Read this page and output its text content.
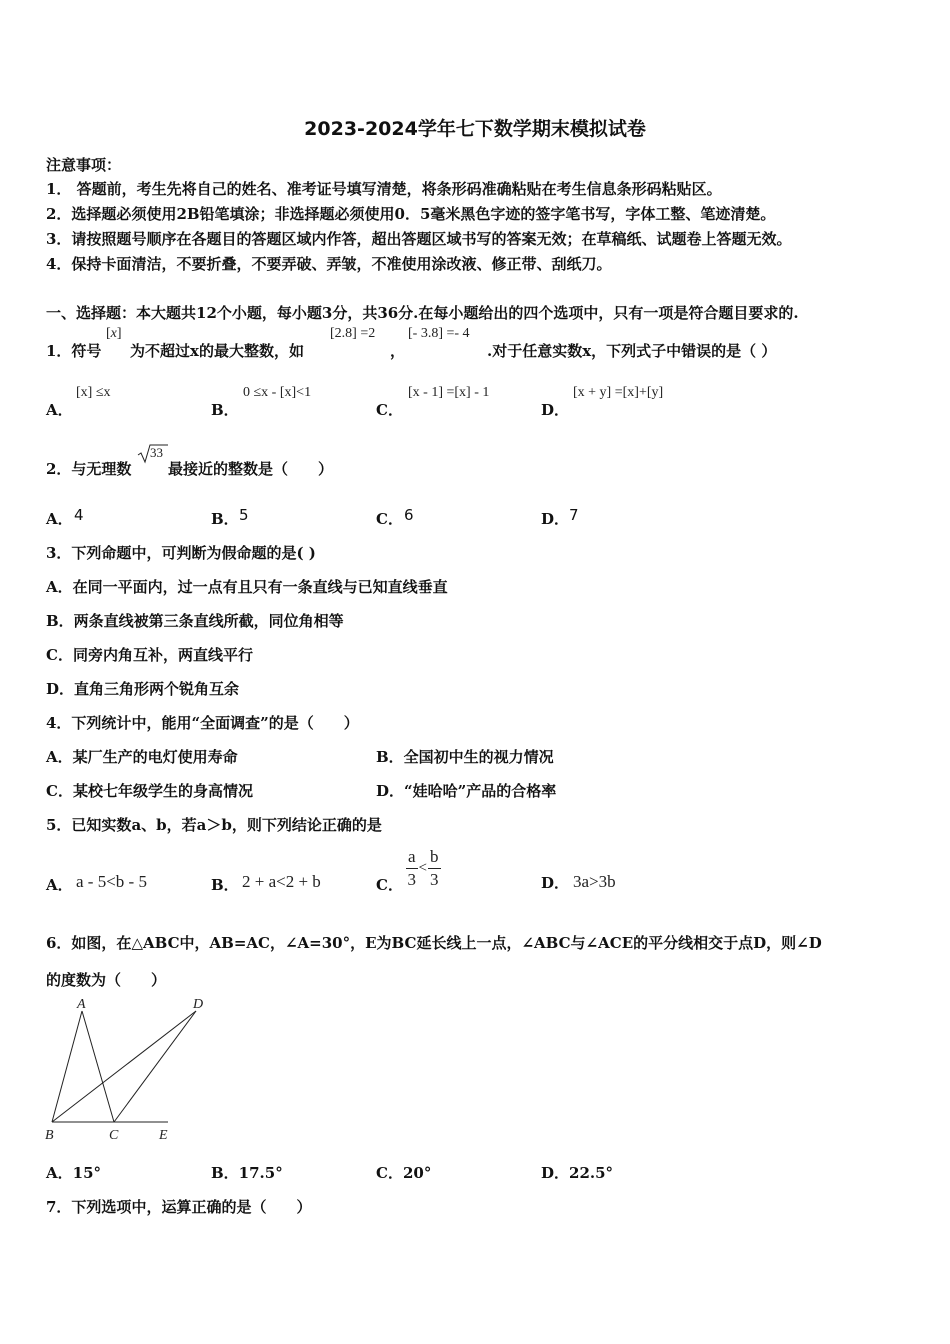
2023-2024学年七下数学期末模拟试卷
注意事项：
1． 答题前，考生先将自己的姓名、准考证号填写清楚，将条形码准确粘贴在考生信息条形码粘贴区。
2．选择题必须使用2B铅笔填涂；非选择题必须使用0．5毫米黑色字迹的签字笔书写，字体工整、笔迹清楚。
3．请按照题号顺序在各题目的答题区域内作答，超出答题区域书写的答案无效；在草稿纸、试题卷上答题无效。
4．保持卡面清洁，不要折叠，不要弄破、弄皱，不准使用涂改液、修正带、刮纸刀。
一、选择题：本大题共12个小题，每小题3分，共36分.在每小题给出的四个选项中，只有一项是符合题目要求的.
1．符号
[x]
为不超过x的最大整数，如
[2.8] =2
，
[- 3.8] =- 4
.对于任意实数x，下列式子中错误的是（ ）
A．
[x] ≤x
B．
0 ≤x - [x]<1
C．
[x - 1] =[x] - 1
D．
[x + y] =[x]+[y]
2．与无理数
33
最接近的整数是（　　）
A． 4	B． 5	C． 6	D． 7
3．下列命题中，可判断为假命题的是( )
A．在同一平面内，过一点有且只有一条直线与已知直线垂直
B．两条直线被第三条直线所截，同位角相等
C．同旁内角互补，两直线平行
D．直角三角形两个锐角互余
4．下列统计中，能用“全面调查”的是（　　）
A．某厂生产的电灯使用寿命	B．全国初中生的视力情况
C．某校七年级学生的身高情况	D．“娃哈哈”产品的合格率
5．已知实数a、b，若a＞b，则下列结论正确的是
A． a - 5<b - 5	B． 2 + a<2 + b	C． $\frac{a}{3} < \frac{b}{3}$	D． 3a>3b
6．如图，在△ABC中，AB=AC，∠A=30°，E为BC延长线上一点，∠ABC与∠ACE的平分线相交于点D，则∠D
的度数为（　　）
A	D
B	C	E
A．15°	B．17.5°	C．20°	D．22.5°
7．下列选项中，运算正确的是（　　）
